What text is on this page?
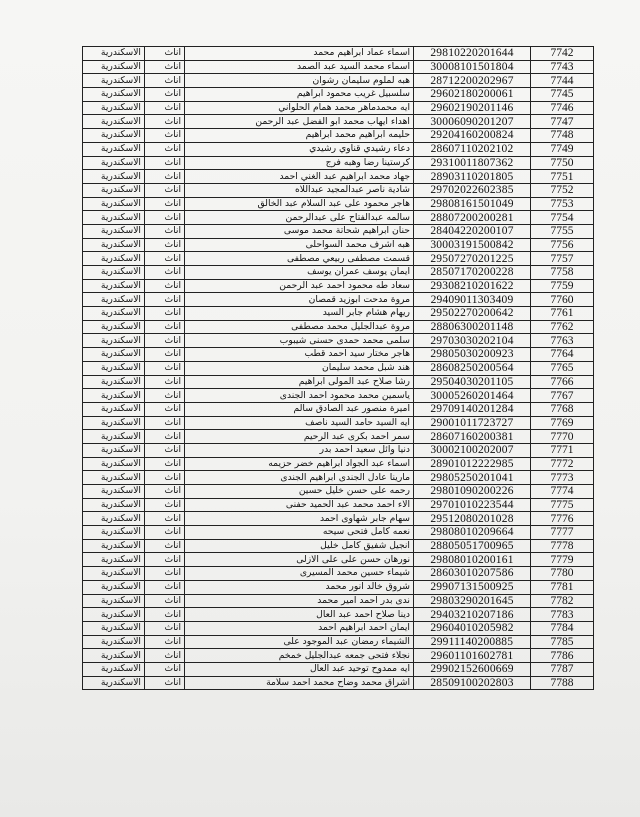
الاسكندرية	اناث	اسماء عماد ابراهيم محمد	29810220201644	7742
الاسكندرية	اناث	اسماء محمد السيد عبد الصمد	30008101501804	7743
الاسكندرية	اناث	هبه لملوم سليمان رشوان	28712200202967	7744
الاسكندرية	اناث	سلسبيل غريب محمود ابراهيم	29602180200061	7745
الاسكندرية	اناث	ايه محمدماهر محمد همام الحلواني	29602190201146	7746
الاسكندرية	اناث	اهداء ايهاب محمد ابو الفضل عبد الرحمن	30006090201207	7747
الاسكندرية	اناث	حليمه ابراهيم محمد ابراهيم	29204160200824	7748
الاسكندرية	اناث	دعاء رشيدي قناوي رشيدي	28607110202102	7749
الاسكندرية	اناث	كرستينا رضا وهبه فرج	29310011807362	7750
الاسكندرية	اناث	جهاد محمد ابراهيم عبد الغني احمد	28903110201805	7751
الاسكندرية	اناث	شادية ناصر عبدالمجيد عبداللاه	29702022602385	7752
الاسكندرية	اناث	هاجر محمود على عبد السلام عبد الخالق	29808161501049	7753
الاسكندرية	اناث	سالمه عبدالفتاح على عبدالرحمن	28807200200281	7754
الاسكندرية	اناث	حنان ابراهيم شحاتة محمد موسى	28404220200107	7755
الاسكندرية	اناث	هبه اشرف محمد السواحلى	30003191500842	7756
الاسكندرية	اناث	قسمت مصطفى ربيعي مصطفى	29507270201225	7757
الاسكندرية	اناث	ايمان يوسف عمران يوسف	28507170200228	7758
الاسكندرية	اناث	سعاد طه محمود احمد عبد الرحمن	29308210201622	7759
الاسكندرية	اناث	مروة مدحت ابوزيد قمصان	29409011303409	7760
الاسكندرية	اناث	ريهام هشام جابر السيد	29502270200642	7761
الاسكندرية	اناث	مروة عبدالجليل محمد مصطفى	28806300201148	7762
الاسكندرية	اناث	سلمى محمد حمدى حسنى شيبوب	29703030202104	7763
الاسكندرية	اناث	هاجر مختار سيد احمد قطب	29805030200923	7764
الاسكندرية	اناث	هند شبل محمد سليمان	28608250200564	7765
الاسكندرية	اناث	رشا صلاح عبد المولى ابراهيم	29504030201105	7766
الاسكندرية	اناث	ياسمين محمد محمود احمد الجندى	30005260201464	7767
الاسكندرية	اناث	اميرة منصور عبد الصادق سالم	29709140201284	7768
الاسكندرية	اناث	ايه السيد حامد السيد ناصف	29001011723727	7769
الاسكندرية	اناث	سمر احمد بكرى عبد الرحيم	28607160200381	7770
الاسكندرية	اناث	دنيا وائل سعيد احمد بدر	30002100202007	7771
الاسكندرية	اناث	اسماء عبد الجواد ابراهيم خضر حزيمه	28901012222985	7772
الاسكندرية	اناث	مارينا عادل الجندى ابراهيم الجندى	29805250201041	7773
الاسكندرية	اناث	رحمه على حسن خليل حسين	29801090200226	7774
الاسكندرية	اناث	الاء احمد محمد عبد الحميد حفنى	29701010223544	7775
الاسكندرية	اناث	سهام جابر شهاوى احمد	29512080201028	7776
الاسكندرية	اناث	نعمه كامل فتحى سيحه	29808010209664	7777
الاسكندرية	اناث	انجيل شفيق كامل خليل	28805051700965	7778
الاسكندرية	اناث	نورهان حسن على على الازلى	29808010200161	7779
الاسكندرية	اناث	شيماء حسين محمد المسيرى	28603010207586	7780
الاسكندرية	اناث	شروق خالد انور محمد	29907131500925	7781
الاسكندرية	اناث	ندى بدر احمد امير محمد	29803290201645	7782
الاسكندرية	اناث	دينا صلاح احمد عبد العال	29403210207186	7783
الاسكندرية	اناث	ايمان احمد ابراهيم احمد	29604010205982	7784
الاسكندرية	اناث	الشيماء رمضان عبد الموجود على	29911140200885	7785
الاسكندرية	اناث	نجلاء فتحى جمعه عبدالجليل خمخم	29601101602781	7786
الاسكندرية	اناث	ايه ممدوح توحيد عبد العال	29902152600669	7787
الاسكندرية	اناث	اشراق محمد وضاح محمد احمد سلامة	28509100202803	7788
